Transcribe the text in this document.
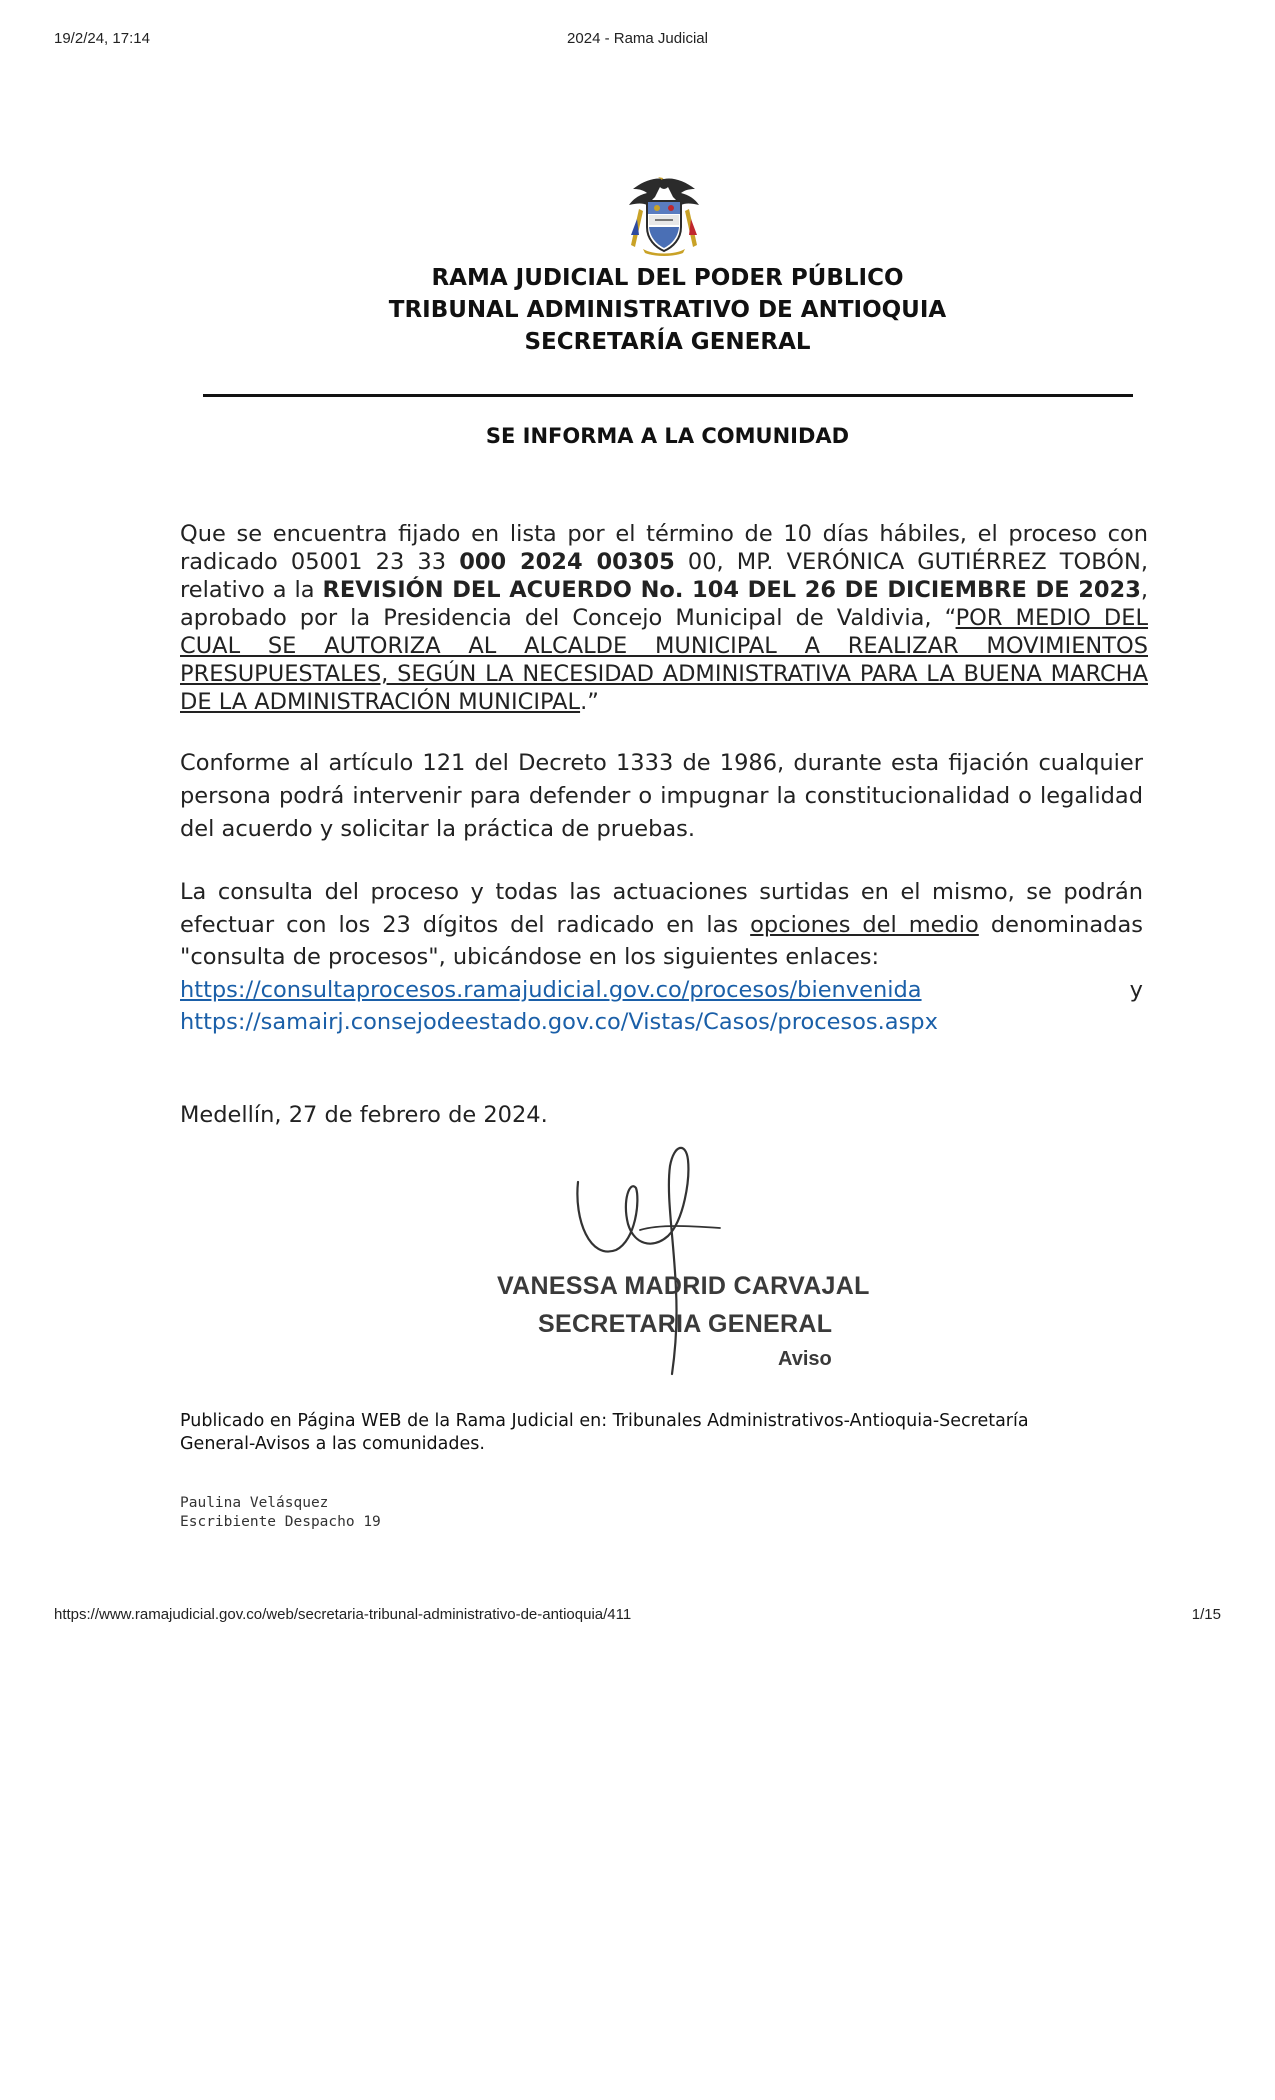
19/2/24, 17:14	2024 - Rama Judicial
RAMA JUDICIAL DEL PODER PÚBLICO
TRIBUNAL ADMINISTRATIVO DE ANTIOQUIA
SECRETARÍA GENERAL
SE INFORMA A LA COMUNIDAD
Que se encuentra fijado en lista por el término de 10 días hábiles, el proceso con radicado 05001 23 33 000 2024 00305 00, MP. VERÓNICA GUTIÉRREZ TOBÓN, relativo a la REVISIÓN DEL ACUERDO No. 104 DEL 26 DE DICIEMBRE DE 2023, aprobado por la Presidencia del Concejo Municipal de Valdivia, “POR MEDIO DEL CUAL SE AUTORIZA AL ALCALDE MUNICIPAL A REALIZAR MOVIMIENTOS PRESUPUESTALES, SEGÚN LA NECESIDAD ADMINISTRATIVA PARA LA BUENA MARCHA DE LA ADMINISTRACIÓN MUNICIPAL.”
Conforme al artículo 121 del Decreto 1333 de 1986, durante esta fijación cualquier persona podrá intervenir para defender o impugnar la constitucionalidad o legalidad del acuerdo y solicitar la práctica de pruebas.
La consulta del proceso y todas las actuaciones surtidas en el mismo, se podrán efectuar con los 23 dígitos del radicado en las opciones del medio denominadas "consulta de procesos", ubicándose en los siguientes enlaces:
https://consultaprocesos.ramajudicial.gov.co/procesos/bienvenida	y
https://samairj.consejodeestado.gov.co/Vistas/Casos/procesos.aspx
Medellín, 27 de febrero de 2024.
VANESSA MADRID CARVAJAL
SECRETARIA GENERAL
Aviso
Publicado en Página WEB de la Rama Judicial en: Tribunales Administrativos-Antioquia-Secretaría General-Avisos a las comunidades.
Paulina Velásquez
Escribiente Despacho 19
https://www.ramajudicial.gov.co/web/secretaria-tribunal-administrativo-de-antioquia/411	1/15
